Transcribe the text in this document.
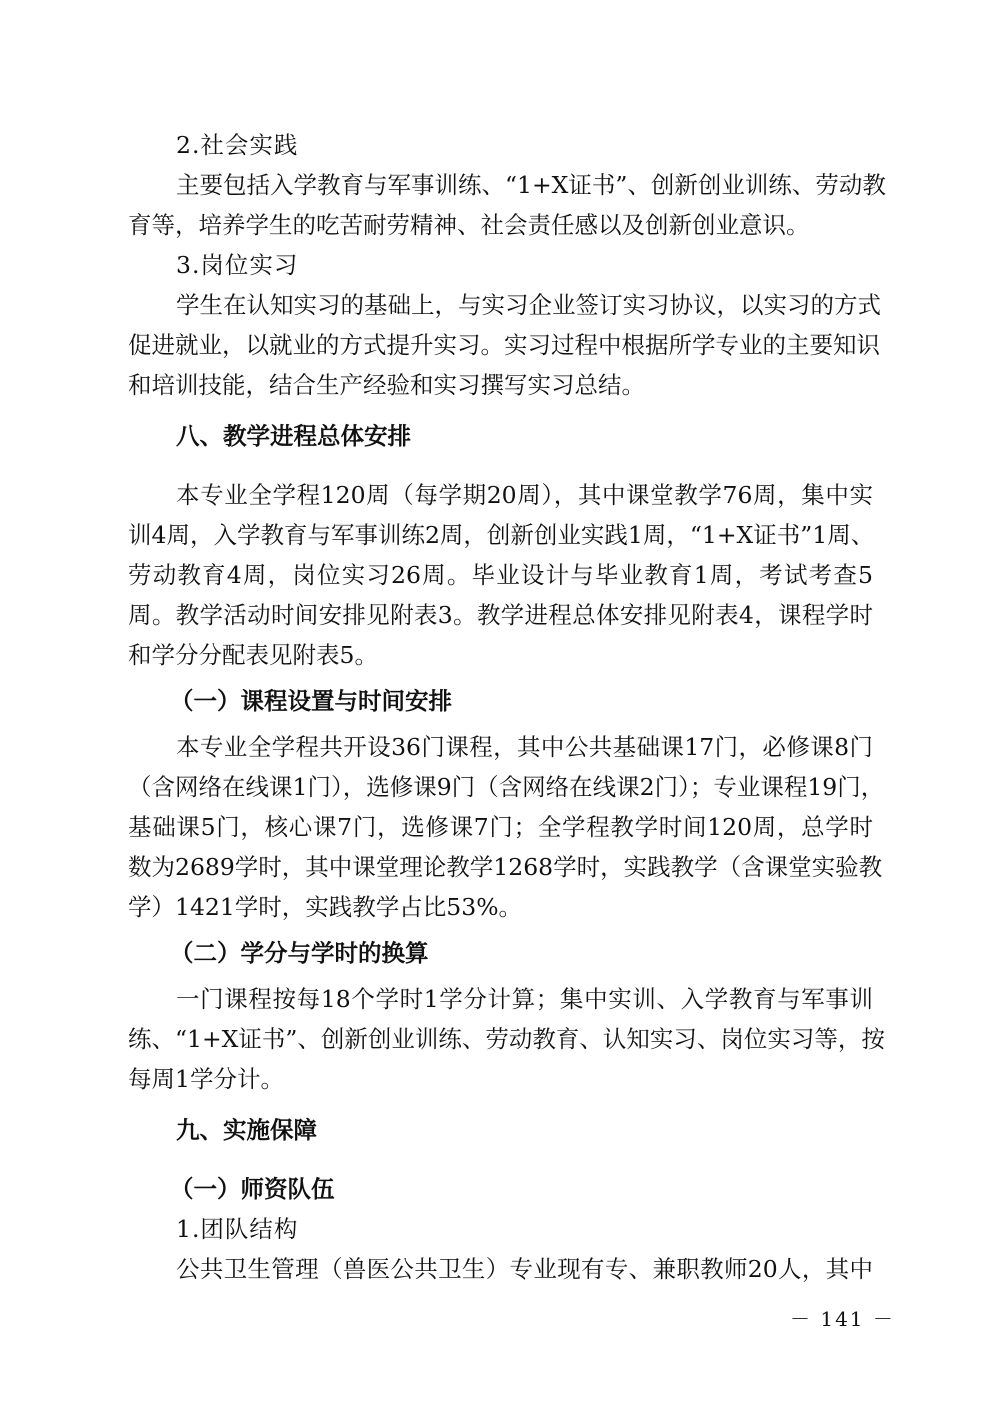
2.社会实践
主要包括入学教育与军事训练、“1+X证书”、创新创业训练、劳动教
育等，培养学生的吃苦耐劳精神、社会责任感以及创新创业意识。
3.岗位实习
学生在认知实习的基础上，与实习企业签订实习协议，以实习的方式
促进就业，以就业的方式提升实习。实习过程中根据所学专业的主要知识
和培训技能，结合生产经验和实习撰写实习总结。
八、教学进程总体安排
本专业全学程120周（每学期20周），其中课堂教学76周，集中实
训4周，入学教育与军事训练2周，创新创业实践1周，“1+X证书”1周、
劳动教育4周，岗位实习26周。毕业设计与毕业教育1周，考试考查5
周。教学活动时间安排见附表3。教学进程总体安排见附表4，课程学时
和学分分配表见附表5。
（一）课程设置与时间安排
本专业全学程共开设36门课程，其中公共基础课17门，必修课8门
（含网络在线课1门），选修课9门（含网络在线课2门）；专业课程19门，
基础课5门，核心课7门，选修课7门；全学程教学时间120周，总学时
数为2689学时，其中课堂理论教学1268学时，实践教学（含课堂实验教
学）1421学时，实践教学占比53%。
（二）学分与学时的换算
一门课程按每18个学时1学分计算；集中实训、入学教育与军事训
练、“1+X证书”、创新创业训练、劳动教育、认知实习、岗位实习等，按
每周1学分计。
九、实施保障
（一）师资队伍
1.团队结构
公共卫生管理（兽医公共卫生）专业现有专、兼职教师20人，其中
－ 141 －
